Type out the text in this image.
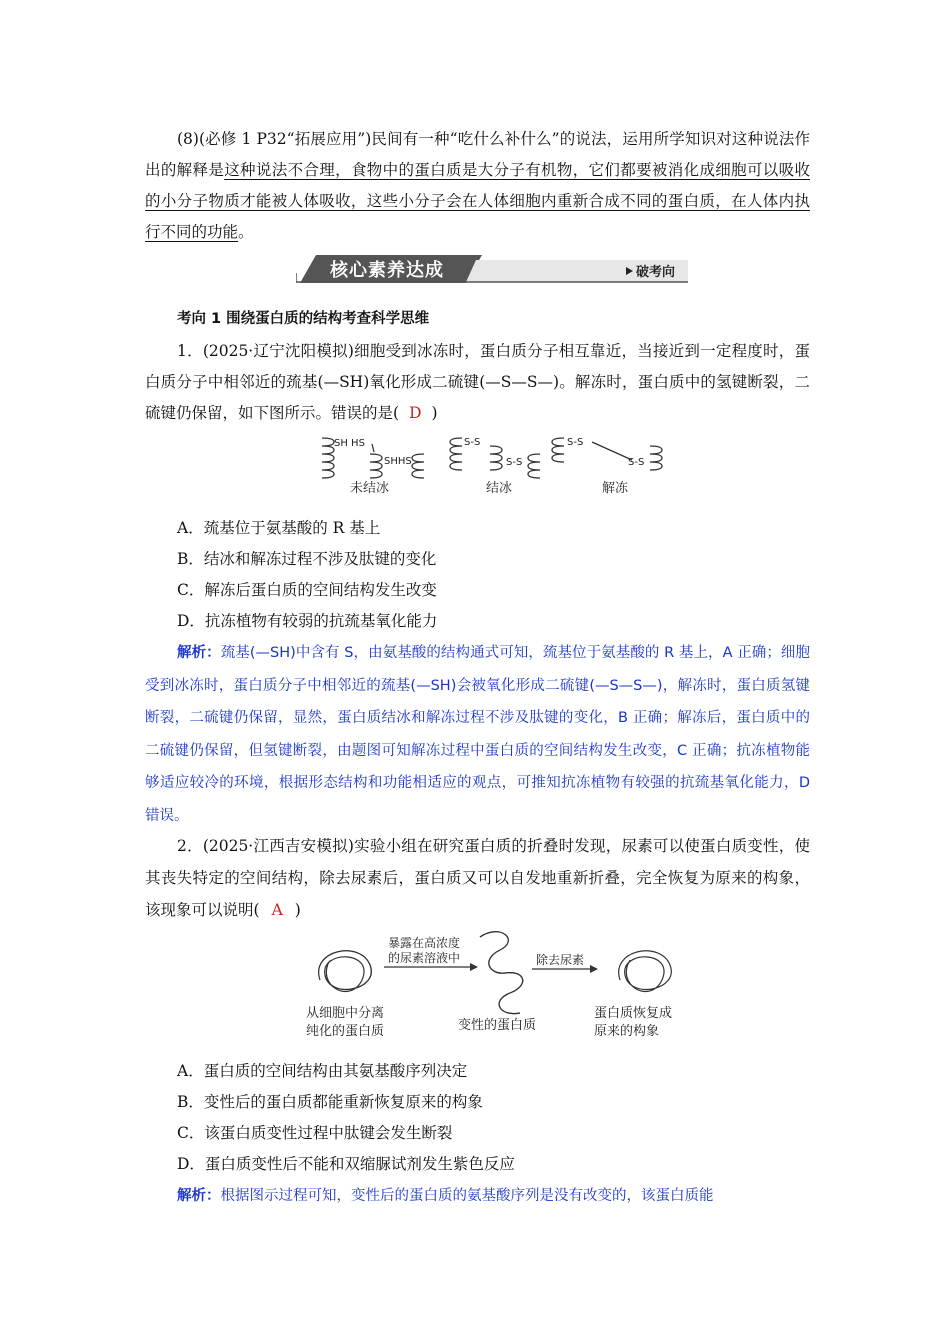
(8)(必修 1 P32“拓展应用”)民间有一种“吃什么补什么”的说法，运用所学知识对这种说法作出的解释是这种说法不合理，食物中的蛋白质是大分子有机物，它们都要被消化成细胞可以吸收的小分子物质才能被人体吸收，这些小分子会在人体细胞内重新合成不同的蛋白质，在人体内执行不同的功能。
核心素养达成	破考向
考向 1 围绕蛋白质的结构考查科学思维
1．(2025·辽宁沈阳模拟)细胞受到冰冻时，蛋白质分子相互靠近，当接近到一定程度时，蛋白质分子中相邻近的巯基(—SH)氧化形成二硫键(—S—S—)。解冻时，蛋白质中的氢键断裂，二硫键仍保留，如下图所示。错误的是( D )
SH HS
SHHS
S-S
S-S
S-S
S-S
未结冰	结冰	解冻
A．巯基位于氨基酸的 R 基上
B．结冰和解冻过程不涉及肽键的变化
C．解冻后蛋白质的空间结构发生改变
D．抗冻植物有较弱的抗巯基氧化能力
解析：巯基(—SH)中含有 S，由氨基酸的结构通式可知，巯基位于氨基酸的 R 基上，A 正确；细胞受到冰冻时，蛋白质分子中相邻近的巯基(—SH)会被氧化形成二硫键(—S—S—)，解冻时，蛋白质氢键断裂，二硫键仍保留，显然，蛋白质结冰和解冻过程不涉及肽键的变化，B 正确；解冻后，蛋白质中的二硫键仍保留，但氢键断裂，由题图可知解冻过程中蛋白质的空间结构发生改变，C 正确；抗冻植物能够适应较冷的环境，根据形态结构和功能相适应的观点，可推知抗冻植物有较强的抗巯基氧化能力，D 错误。
2．(2025·江西吉安模拟)实验小组在研究蛋白质的折叠时发现，尿素可以使蛋白质变性，使其丧失特定的空间结构，除去尿素后，蛋白质又可以自发地重新折叠，完全恢复为原来的构象，该现象可以说明( A )
暴露在高浓度
的尿素溶液中	除去尿素
从细胞中分离
纯化的蛋白质	变性的蛋白质
蛋白质恢复成
原来的构象
A．蛋白质的空间结构由其氨基酸序列决定
B．变性后的蛋白质都能重新恢复原来的构象
C．该蛋白质变性过程中肽键会发生断裂
D．蛋白质变性后不能和双缩脲试剂发生紫色反应
解析：根据图示过程可知，变性后的蛋白质的氨基酸序列是没有改变的，该蛋白质能
